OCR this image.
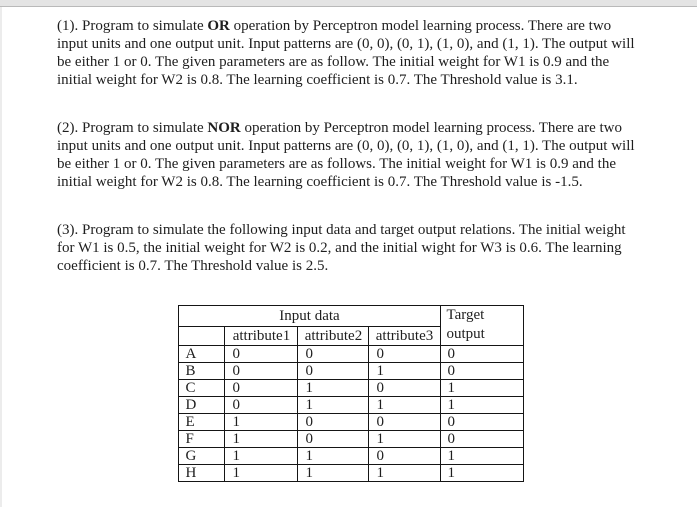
(1). Program to simulate OR operation by Perceptron model learning process. There are two input units and one output unit. Input patterns are (0, 0), (0, 1), (1, 0), and (1, 1). The output will be either 1 or 0. The given parameters are as follow. The initial weight for W1 is 0.9 and the initial weight for W2 is 0.8. The learning coefficient is 0.7. The Threshold value is 3.1.

(2). Program to simulate NOR operation by Perceptron model learning process. There are two input units and one output unit. Input patterns are (0, 0), (0, 1), (1, 0), and (1, 1). The output will be either 1 or 0. The given parameters are as follows. The initial weight for W1 is 0.9 and the initial weight for W2 is 0.8. The learning coefficient is 0.7. The Threshold value is -1.5.

(3). Program to simulate the following input data and target output relations. The initial weight for W1 is 0.5, the initial weight for W2 is 0.2, and the initial wight for W3 is 0.6. The learning coefficient is 0.7. The Threshold value is 2.5.

Input data				Target output
	attribute1	attribute2	attribute3	
A	0	0	0	0
B	0	0	1	0
C	0	1	0	1
D	0	1	1	1
E	1	0	0	0
F	1	0	1	0
G	1	1	0	1
H	1	1	1	1
